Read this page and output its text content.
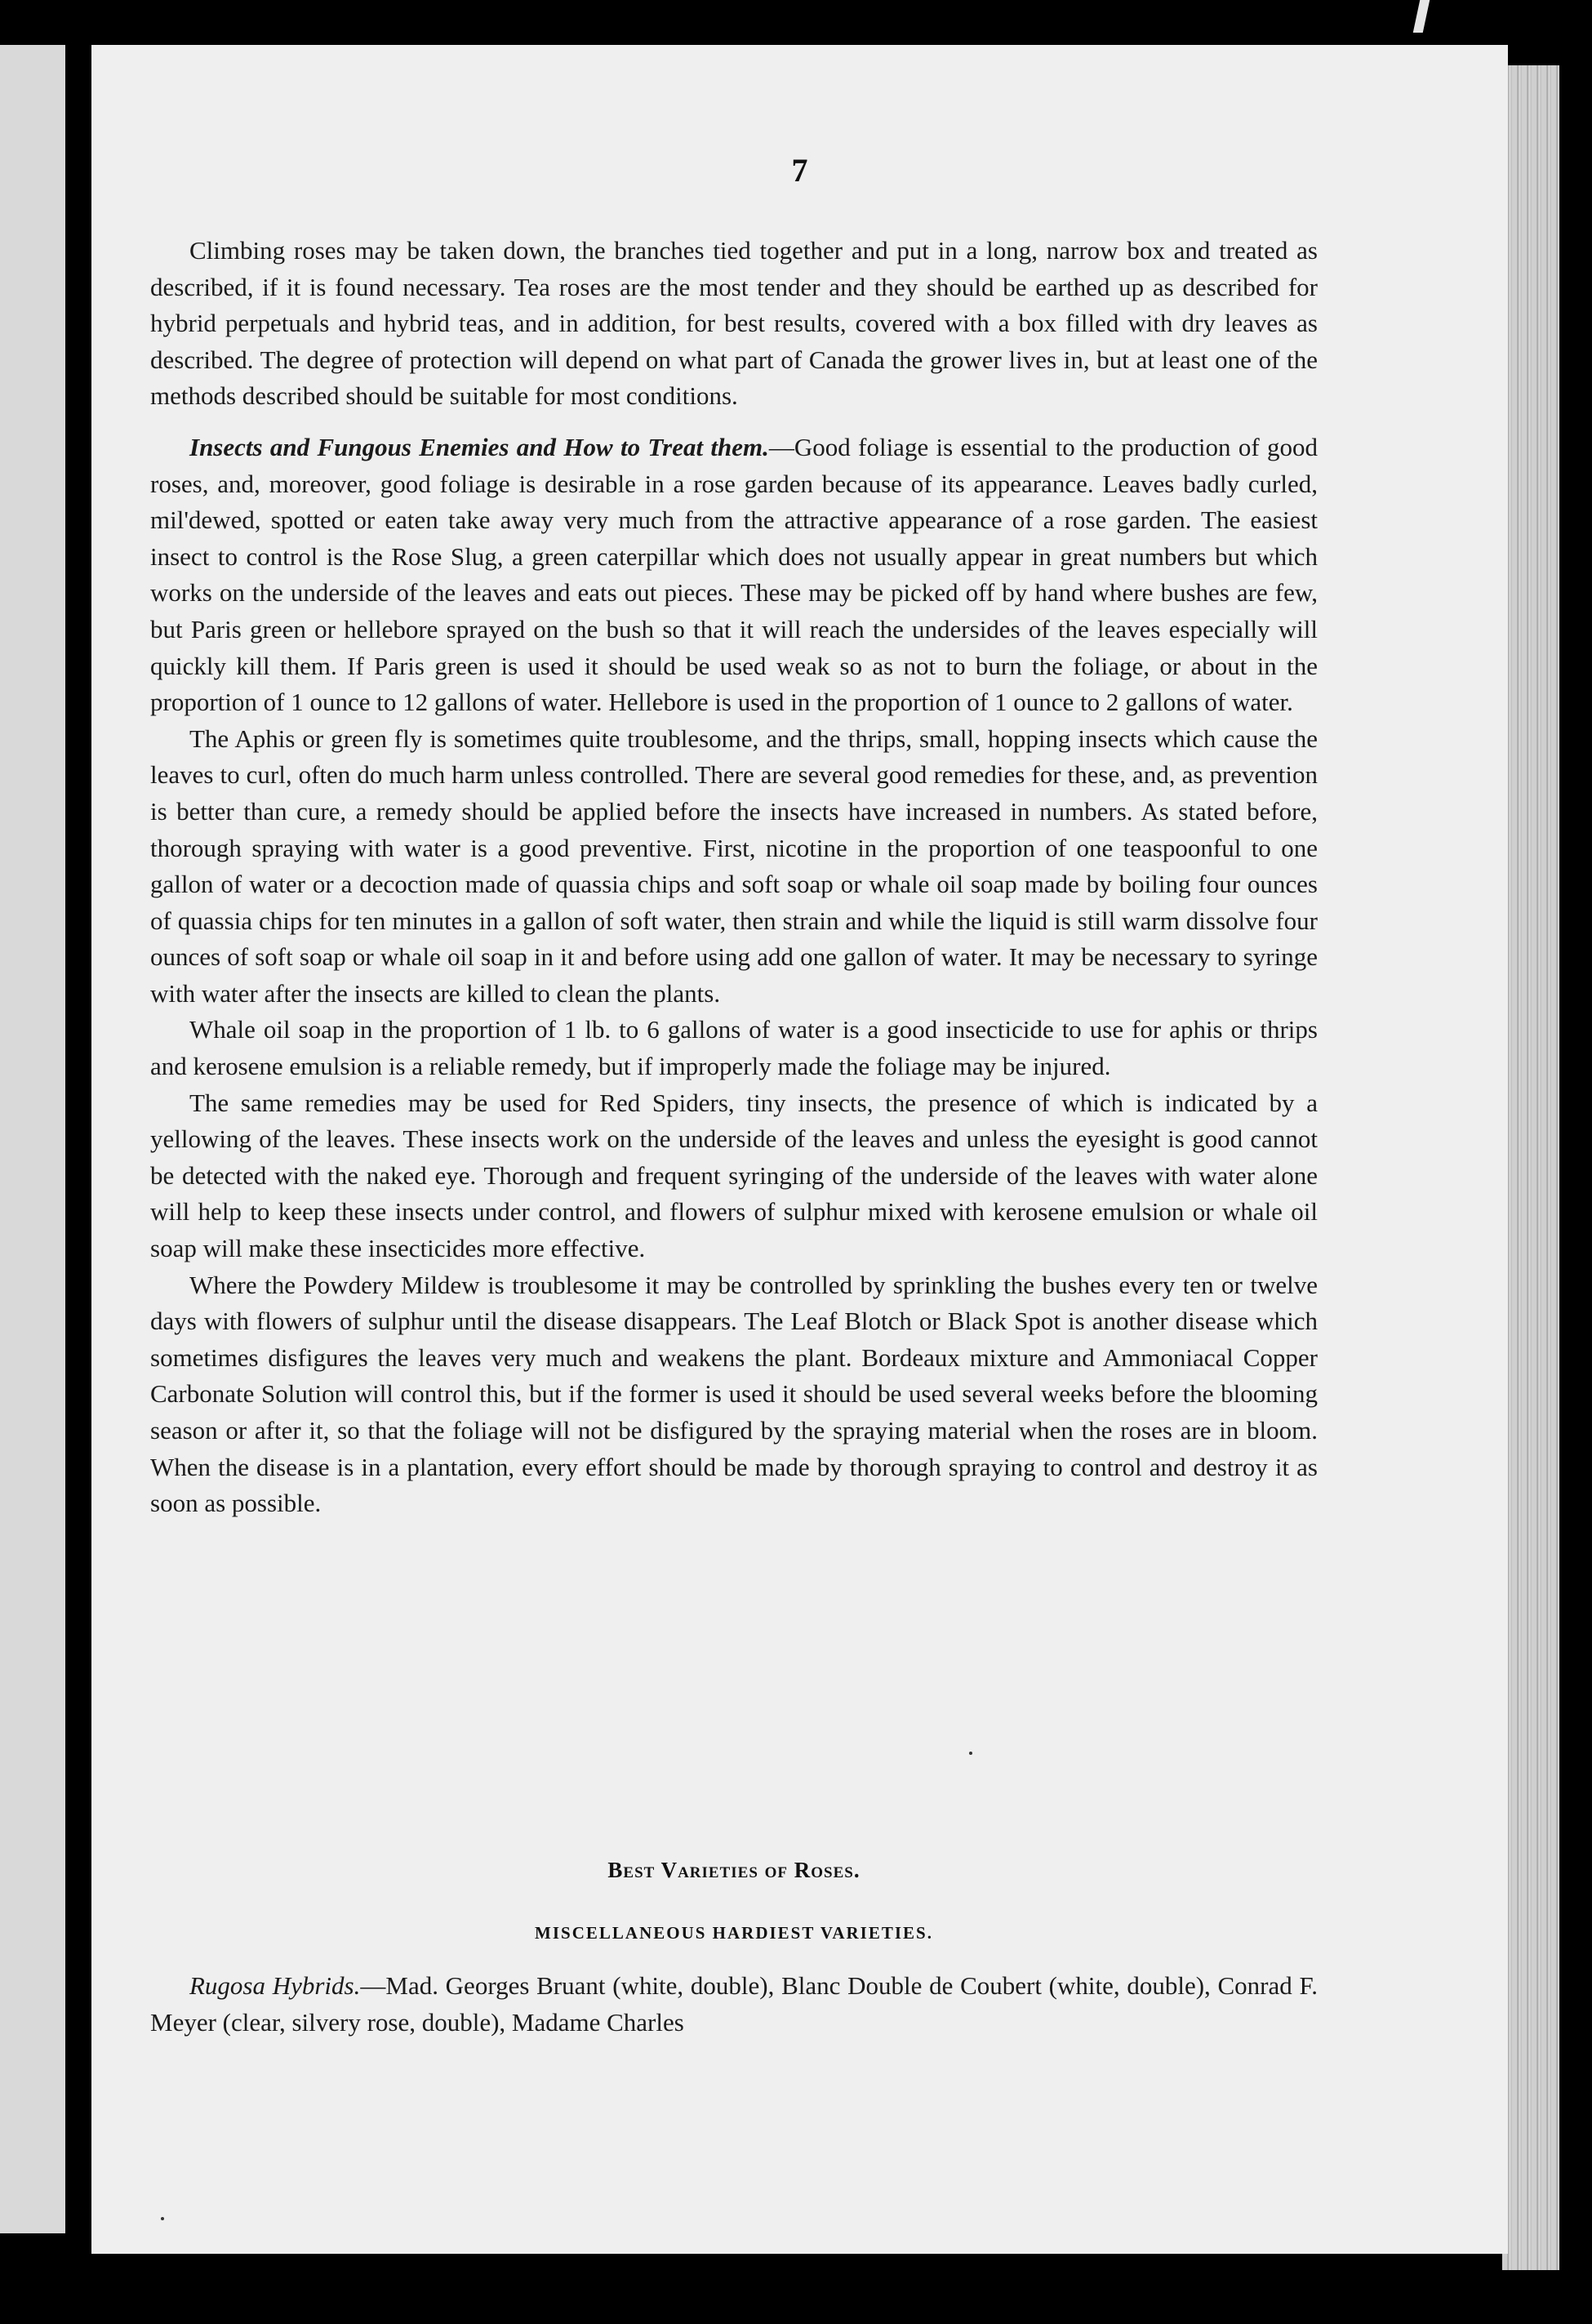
7

Climbing roses may be taken down, the branches tied together and put in a long, narrow box and treated as described, if it is found necessary. Tea roses are the most tender and they should be earthed up as described for hybrid perpetuals and hybrid teas, and in addition, for best results, covered with a box filled with dry leaves as described. The degree of protection will depend on what part of Canada the grower lives in, but at least one of the methods described should be suitable for most conditions.

Insects and Fungous Enemies and How to Treat them.—Good foliage is essential to the production of good roses, and, moreover, good foliage is desirable in a rose garden because of its appearance. Leaves badly curled, mil'dewed, spotted or eaten take away very much from the attractive appearance of a rose garden. The easiest insect to control is the Rose Slug, a green caterpillar which does not usually appear in great numbers but which works on the underside of the leaves and eats out pieces. These may be picked off by hand where bushes are few, but Paris green or hellebore sprayed on the bush so that it will reach the undersides of the leaves especially will quickly kill them. If Paris green is used it should be used weak so as not to burn the foliage, or about in the proportion of 1 ounce to 12 gallons of water. Hellebore is used in the proportion of 1 ounce to 2 gallons of water.

The Aphis or green fly is sometimes quite troublesome, and the thrips, small, hopping insects which cause the leaves to curl, often do much harm unless controlled. There are several good remedies for these, and, as prevention is better than cure, a remedy should be applied before the insects have increased in numbers. As stated before, thorough spraying with water is a good preventive. First, nicotine in the proportion of one teaspoonful to one gallon of water or a decoction made of quassia chips and soft soap or whale oil soap made by boiling four ounces of quassia chips for ten minutes in a gallon of soft water, then strain and while the liquid is still warm dissolve four ounces of soft soap or whale oil soap in it and before using add one gallon of water. It may be necessary to syringe with water after the insects are killed to clean the plants.

Whale oil soap in the proportion of 1 lb. to 6 gallons of water is a good insecticide to use for aphis or thrips and kerosene emulsion is a reliable remedy, but if improperly made the foliage may be injured.

The same remedies may be used for Red Spiders, tiny insects, the presence of which is indicated by a yellowing of the leaves. These insects work on the underside of the leaves and unless the eyesight is good cannot be detected with the naked eye. Thorough and frequent syringing of the underside of the leaves with water alone will help to keep these insects under control, and flowers of sulphur mixed with kerosene emulsion or whale oil soap will make these insecticides more effective.

Where the Powdery Mildew is troublesome it may be controlled by sprinkling the bushes every ten or twelve days with flowers of sulphur until the disease disappears. The Leaf Blotch or Black Spot is another disease which sometimes disfigures the leaves very much and weakens the plant. Bordeaux mixture and Ammoniacal Copper Carbonate Solution will control this, but if the former is used it should be used several weeks before the blooming season or after it, so that the foliage will not be disfigured by the spraying material when the roses are in bloom. When the disease is in a plantation, every effort should be made by thorough spraying to control and destroy it as soon as possible.

Best Varieties of Roses.
MISCELLANEOUS HARDIEST VARIETIES.

Rugosa Hybrids.—Mad. Georges Bruant (white, double), Blanc Double de Coubert (white, double), Conrad F. Meyer (clear, silvery rose, double), Madame Charles
